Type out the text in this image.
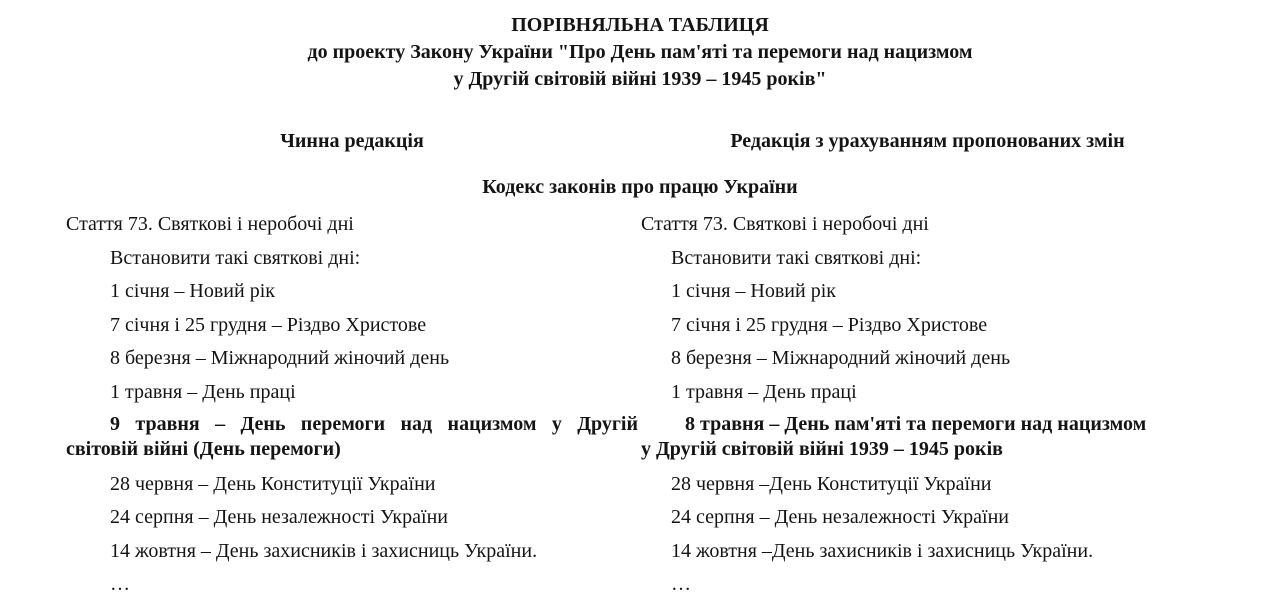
ПОРІВНЯЛЬНА ТАБЛИЦЯ
до проекту Закону України "Про День пам'яті та перемоги над нацизмом
у Другій світовій війні 1939 – 1945 років"
Чинна редакція	Редакція з урахуванням пропонованих змін
Кодекс законів про працю України
Стаття 73. Святкові і неробочі дні
Встановити такі святкові дні:
1 січня – Новий рік
7 січня і 25 грудня – Різдво Христове
8 березня – Міжнародний жіночий день
1 травня – День праці
9 травня – День перемоги над нацизмом у Другій
світовій війні (День перемоги)
28 червня – День Конституції України
24 серпня – День незалежності України
14 жовтня – День захисників і захисниць України.
…
Стаття 73. Святкові і неробочі дні
Встановити такі святкові дні:
1 січня – Новий рік
7 січня і 25 грудня – Різдво Христове
8 березня – Міжнародний жіночий день
1 травня – День праці
8 травня – День пам'яті та перемоги над нацизмом
у Другій світовій війні 1939 – 1945 років
28 червня –День Конституції України
24 серпня – День незалежності України
14 жовтня –День захисників і захисниць України.
…
